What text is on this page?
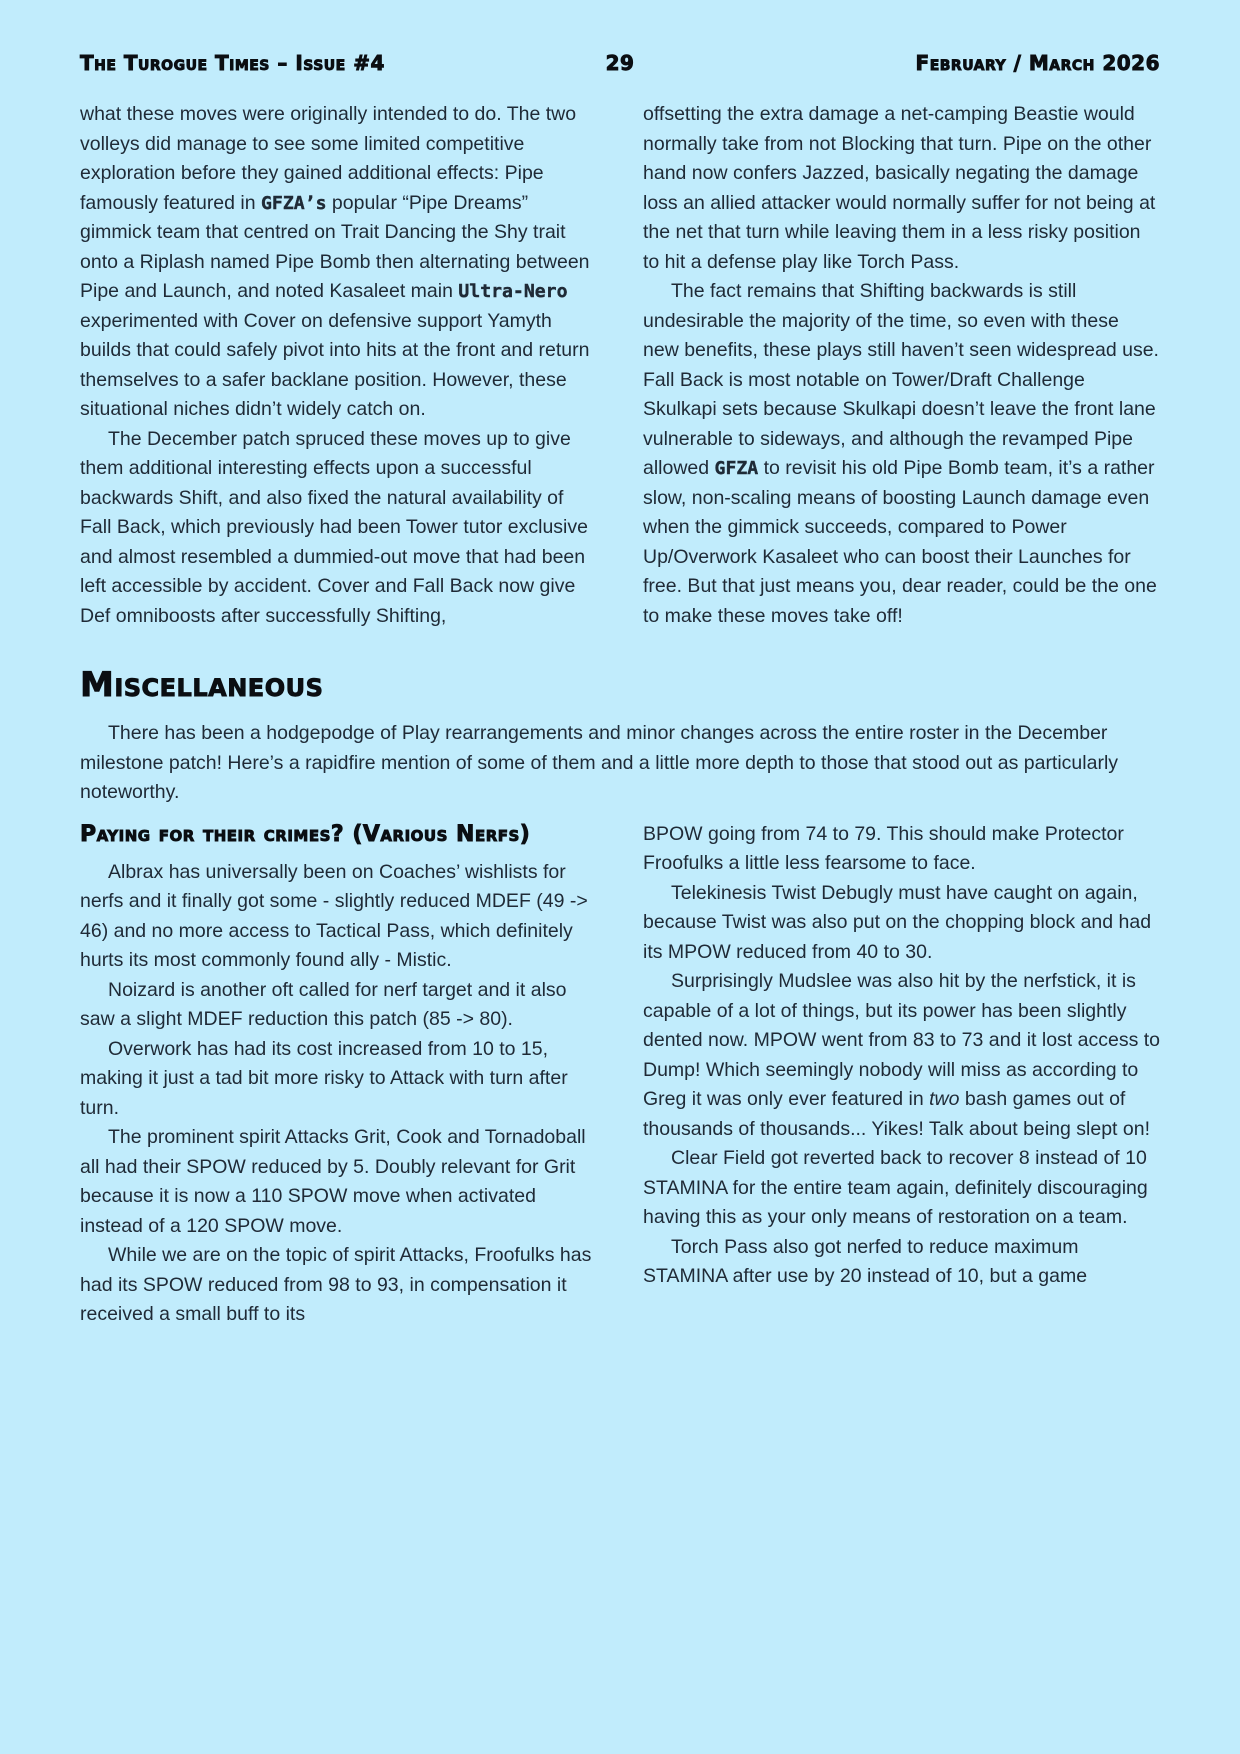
The Turogue Times – Issue #4	29	February / March 2026

what these moves were originally intended to do. The two volleys did manage to see some limited competitive exploration before they gained additional effects: Pipe famously featured in GFZA’s popular “Pipe Dreams” gimmick team that centred on Trait Dancing the Shy trait onto a Riplash named Pipe Bomb then alternating between Pipe and Launch, and noted Kasaleet main Ultra-Nero experimented with Cover on defensive support Yamyth builds that could safely pivot into hits at the front and return themselves to a safer backlane position. However, these situational niches didn’t widely catch on.

The December patch spruced these moves up to give them additional interesting effects upon a successful backwards Shift, and also fixed the natural availability of Fall Back, which previously had been Tower tutor exclusive and almost resembled a dummied-out move that had been left accessible by accident. Cover and Fall Back now give Def omniboosts after successfully Shifting,

offsetting the extra damage a net-camping Beastie would normally take from not Blocking that turn. Pipe on the other hand now confers Jazzed, basically negating the damage loss an allied attacker would normally suffer for not being at the net that turn while leaving them in a less risky position to hit a defense play like Torch Pass.

The fact remains that Shifting backwards is still undesirable the majority of the time, so even with these new benefits, these plays still haven’t seen widespread use. Fall Back is most notable on Tower/Draft Challenge Skulkapi sets because Skulkapi doesn’t leave the front lane vulnerable to sideways, and although the revamped Pipe allowed GFZA to revisit his old Pipe Bomb team, it’s a rather slow, non-scaling means of boosting Launch damage even when the gimmick succeeds, compared to Power Up/Overwork Kasaleet who can boost their Launches for free. But that just means you, dear reader, could be the one to make these moves take off!

Miscellaneous

There has been a hodgepodge of Play rearrangements and minor changes across the entire roster in the December milestone patch! Here’s a rapidfire mention of some of them and a little more depth to those that stood out as particularly noteworthy.

Paying for their crimes? (Various Nerfs)

Albrax has universally been on Coaches’ wishlists for nerfs and it finally got some - slightly reduced MDEF (49 -> 46) and no more access to Tactical Pass, which definitely hurts its most commonly found ally - Mistic.

Noizard is another oft called for nerf target and it also saw a slight MDEF reduction this patch (85 -> 80).

Overwork has had its cost increased from 10 to 15, making it just a tad bit more risky to Attack with turn after turn.

The prominent spirit Attacks Grit, Cook and Tornadoball all had their SPOW reduced by 5. Doubly relevant for Grit because it is now a 110 SPOW move when activated instead of a 120 SPOW move.

While we are on the topic of spirit Attacks, Froofulks has had its SPOW reduced from 98 to 93, in compensation it received a small buff to its

BPOW going from 74 to 79. This should make Protector Froofulks a little less fearsome to face.

Telekinesis Twist Debugly must have caught on again, because Twist was also put on the chopping block and had its MPOW reduced from 40 to 30.

Surprisingly Mudslee was also hit by the nerfstick, it is capable of a lot of things, but its power has been slightly dented now. MPOW went from 83 to 73 and it lost access to Dump! Which seemingly nobody will miss as according to Greg it was only ever featured in two bash games out of thousands of thousands... Yikes! Talk about being slept on!

Clear Field got reverted back to recover 8 instead of 10 STAMINA for the entire team again, definitely discouraging having this as your only means of restoration on a team.

Torch Pass also got nerfed to reduce maximum STAMINA after use by 20 instead of 10, but a game
